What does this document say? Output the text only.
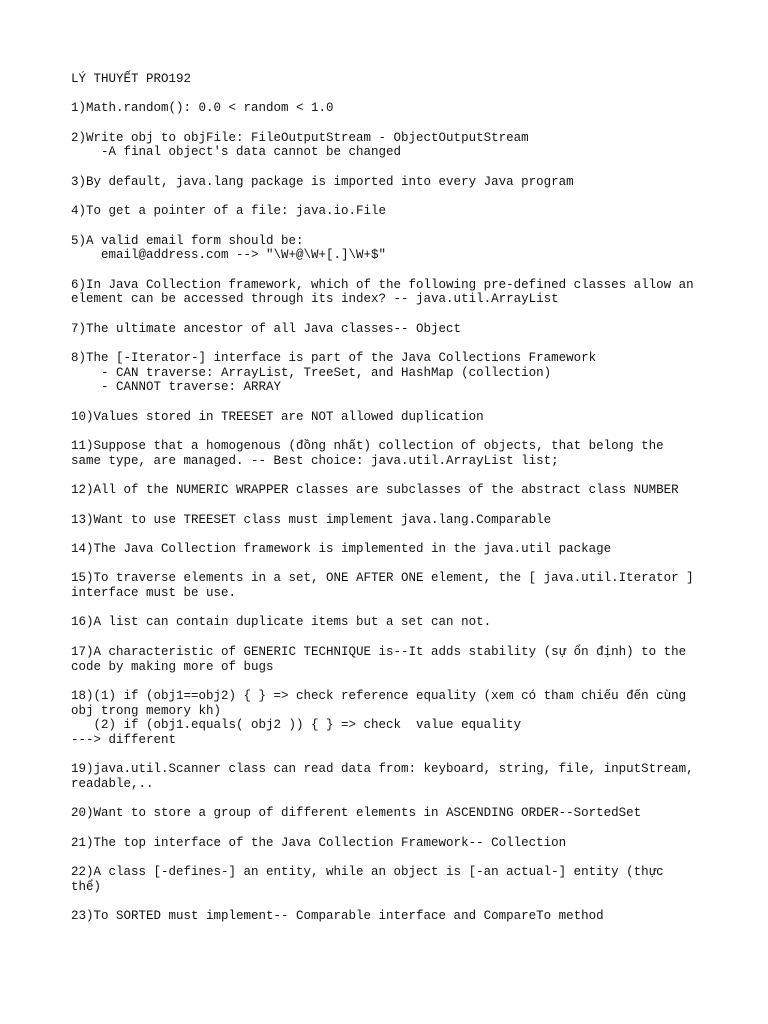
LÝ THUYẾT PRO192
1)Math.random(): 0.0 < random < 1.0
2)Write obj to objFile: FileOutputStream - ObjectOutputStream
-A final object's data cannot be changed
3)By default, java.lang package is imported into every Java program
4)To get a pointer of a file: java.io.File
5)A valid email form should be:
email@address.com --> "\W+@\W+[.]\W+$"
6)In Java Collection framework, which of the following pre-defined classes allow an
element can be accessed through its index? -- java.util.ArrayList
7)The ultimate ancestor of all Java classes-- Object
8)The [-Iterator-] interface is part of the Java Collections Framework
- CAN traverse: ArrayList, TreeSet, and HashMap (collection)
- CANNOT traverse: ARRAY
10)Values stored in TREESET are NOT allowed duplication
11)Suppose that a homogenous (đồng nhất) collection of objects, that belong the
same type, are managed. -- Best choice: java.util.ArrayList list;
12)All of the NUMERIC WRAPPER classes are subclasses of the abstract class NUMBER
13)Want to use TREESET class must implement java.lang.Comparable
14)The Java Collection framework is implemented in the java.util package
15)To traverse elements in a set, ONE AFTER ONE element, the [ java.util.Iterator ]
interface must be use.
16)A list can contain duplicate items but a set can not.
17)A characteristic of GENERIC TECHNIQUE is--It adds stability (sự ổn định) to the
code by making more of bugs
18)(1) if (obj1==obj2) { } => check reference equality (xem có tham chiếu đến cùng
obj trong memory kh)
(2) if (obj1.equals( obj2 )) { } => check  value equality
---> different
19)java.util.Scanner class can read data from: keyboard, string, file, inputStream,
readable,..
20)Want to store a group of different elements in ASCENDING ORDER--SortedSet
21)The top interface of the Java Collection Framework-- Collection
22)A class [-defines-] an entity, while an object is [-an actual-] entity (thực
thể)
23)To SORTED must implement-- Comparable interface and CompareTo method
